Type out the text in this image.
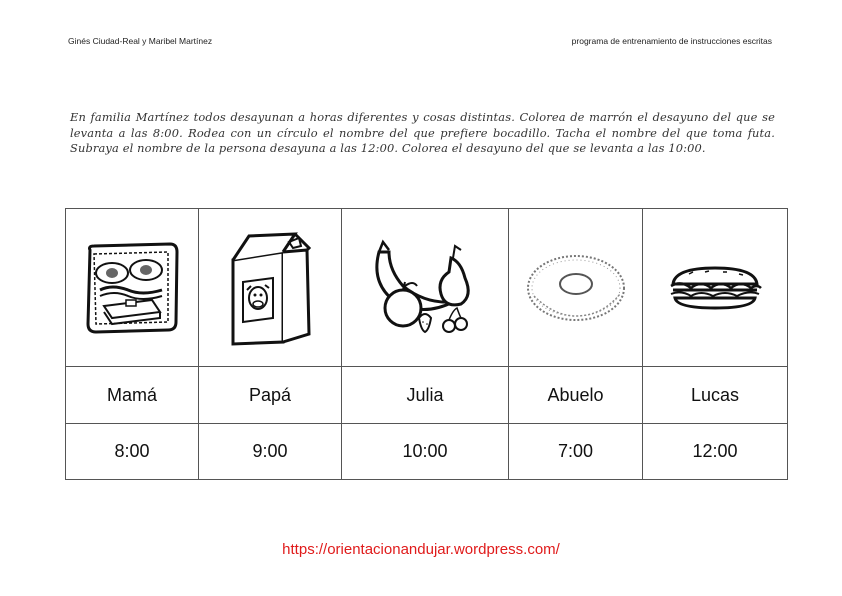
Ginés Ciudad-Real y Maribel Martínez	programa de entrenamiento de instrucciones escritas
En familia Martínez todos desayunan a horas diferentes y cosas distintas. Colorea de marrón el desayuno del que se levanta a las 8:00. Rodea con un círculo el nombre del que prefiere bocadillo. Tacha el nombre del que toma futa. Subraya el nombre de la persona desayuna a las 12:00. Colorea el desayuno del que se levanta a las 10:00.
Mamá	Papá	Julia	Abuelo	Lucas
8:00	9:00	10:00	7:00	12:00
https://orientacionandujar.wordpress.com/
